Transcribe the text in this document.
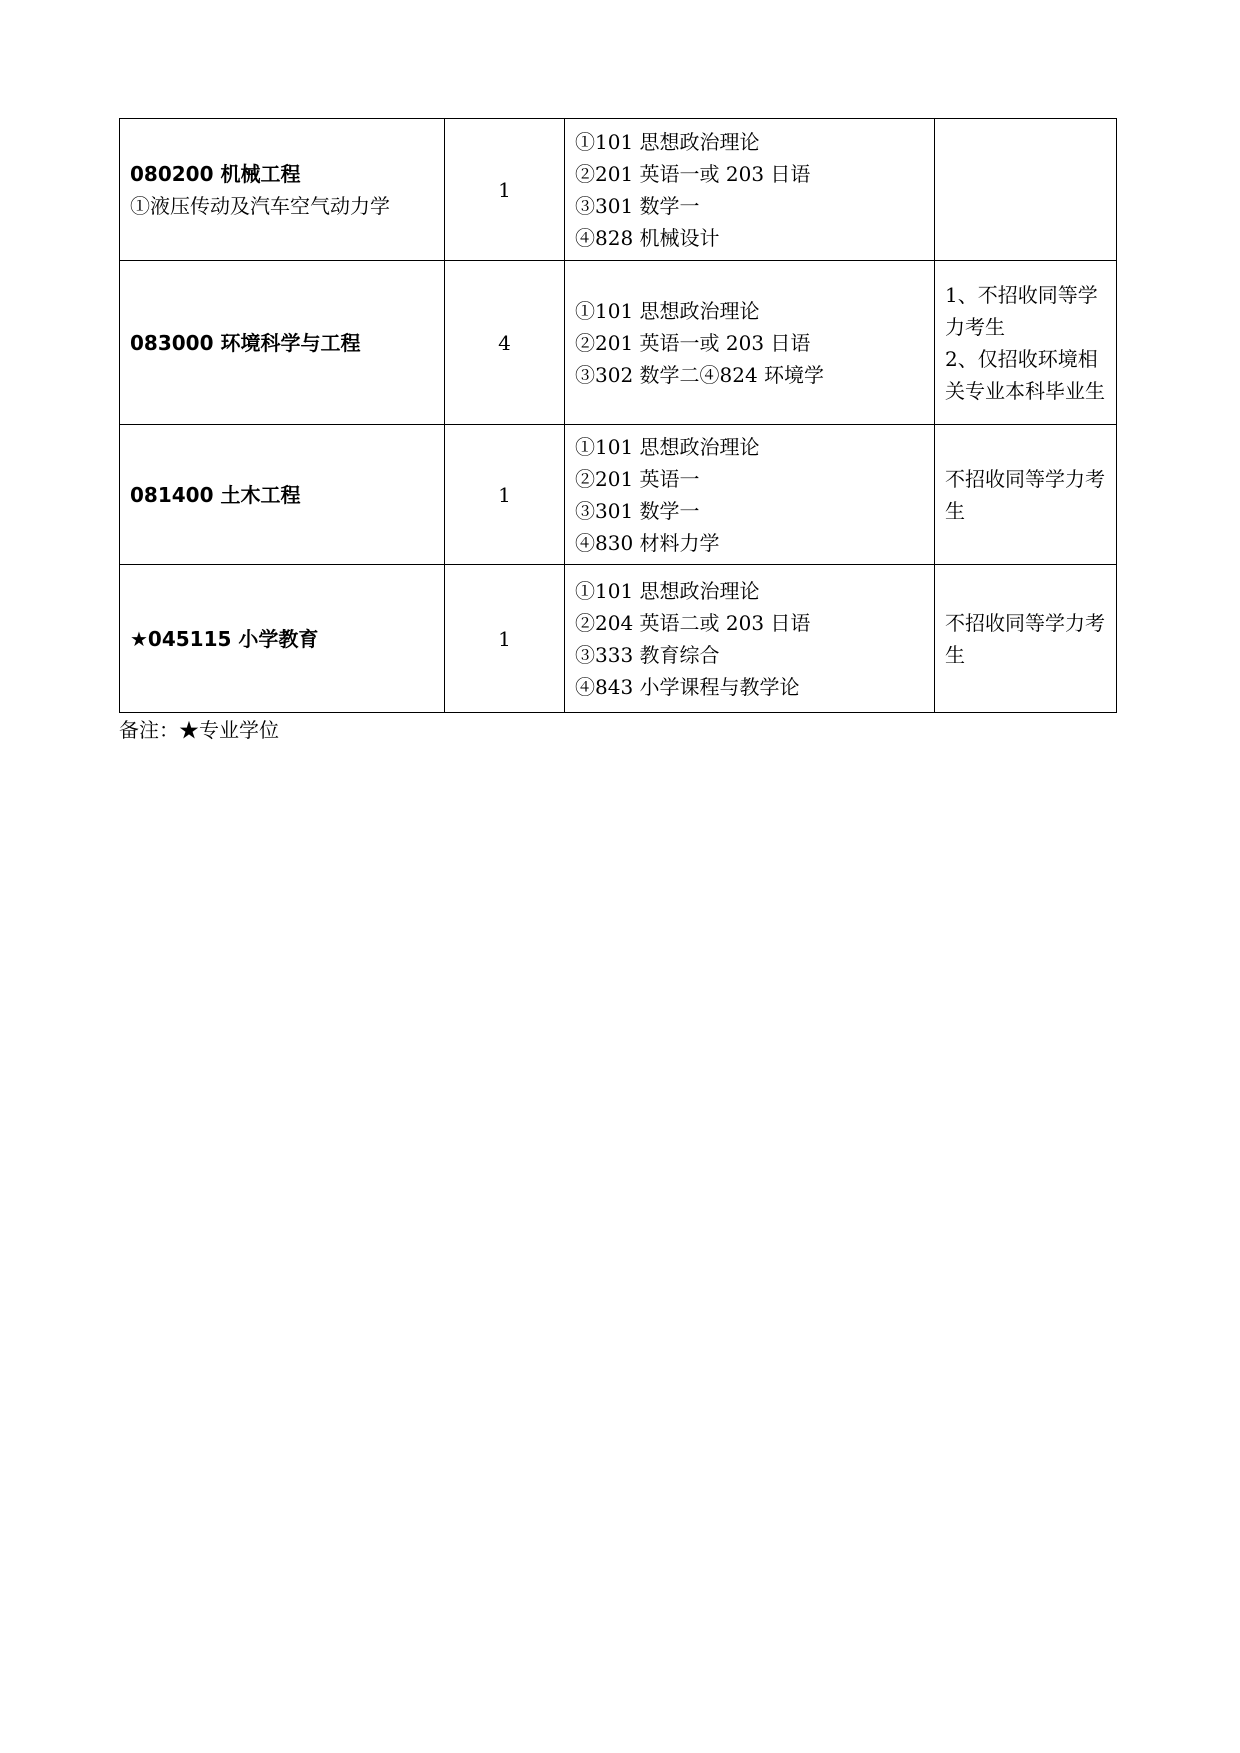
080200 机械工程
①液压传动及汽车空气动力学	1	①101 思想政治理论
②201 英语一或 203 日语
③301 数学一
④828 机械设计	

083000 环境科学与工程	4	①101 思想政治理论
②201 英语一或 203 日语
③302 数学二④824 环境学	1、不招收同等学力考生
2、仅招收环境相关专业本科毕业生

081400 土木工程	1	①101 思想政治理论
②201 英语一
③301 数学一
④830 材料力学	不招收同等学力考生

★045115 小学教育	1	①101 思想政治理论
②204 英语二或 203 日语
③333 教育综合
④843 小学课程与教学论	不招收同等学力考生
备注：★专业学位
